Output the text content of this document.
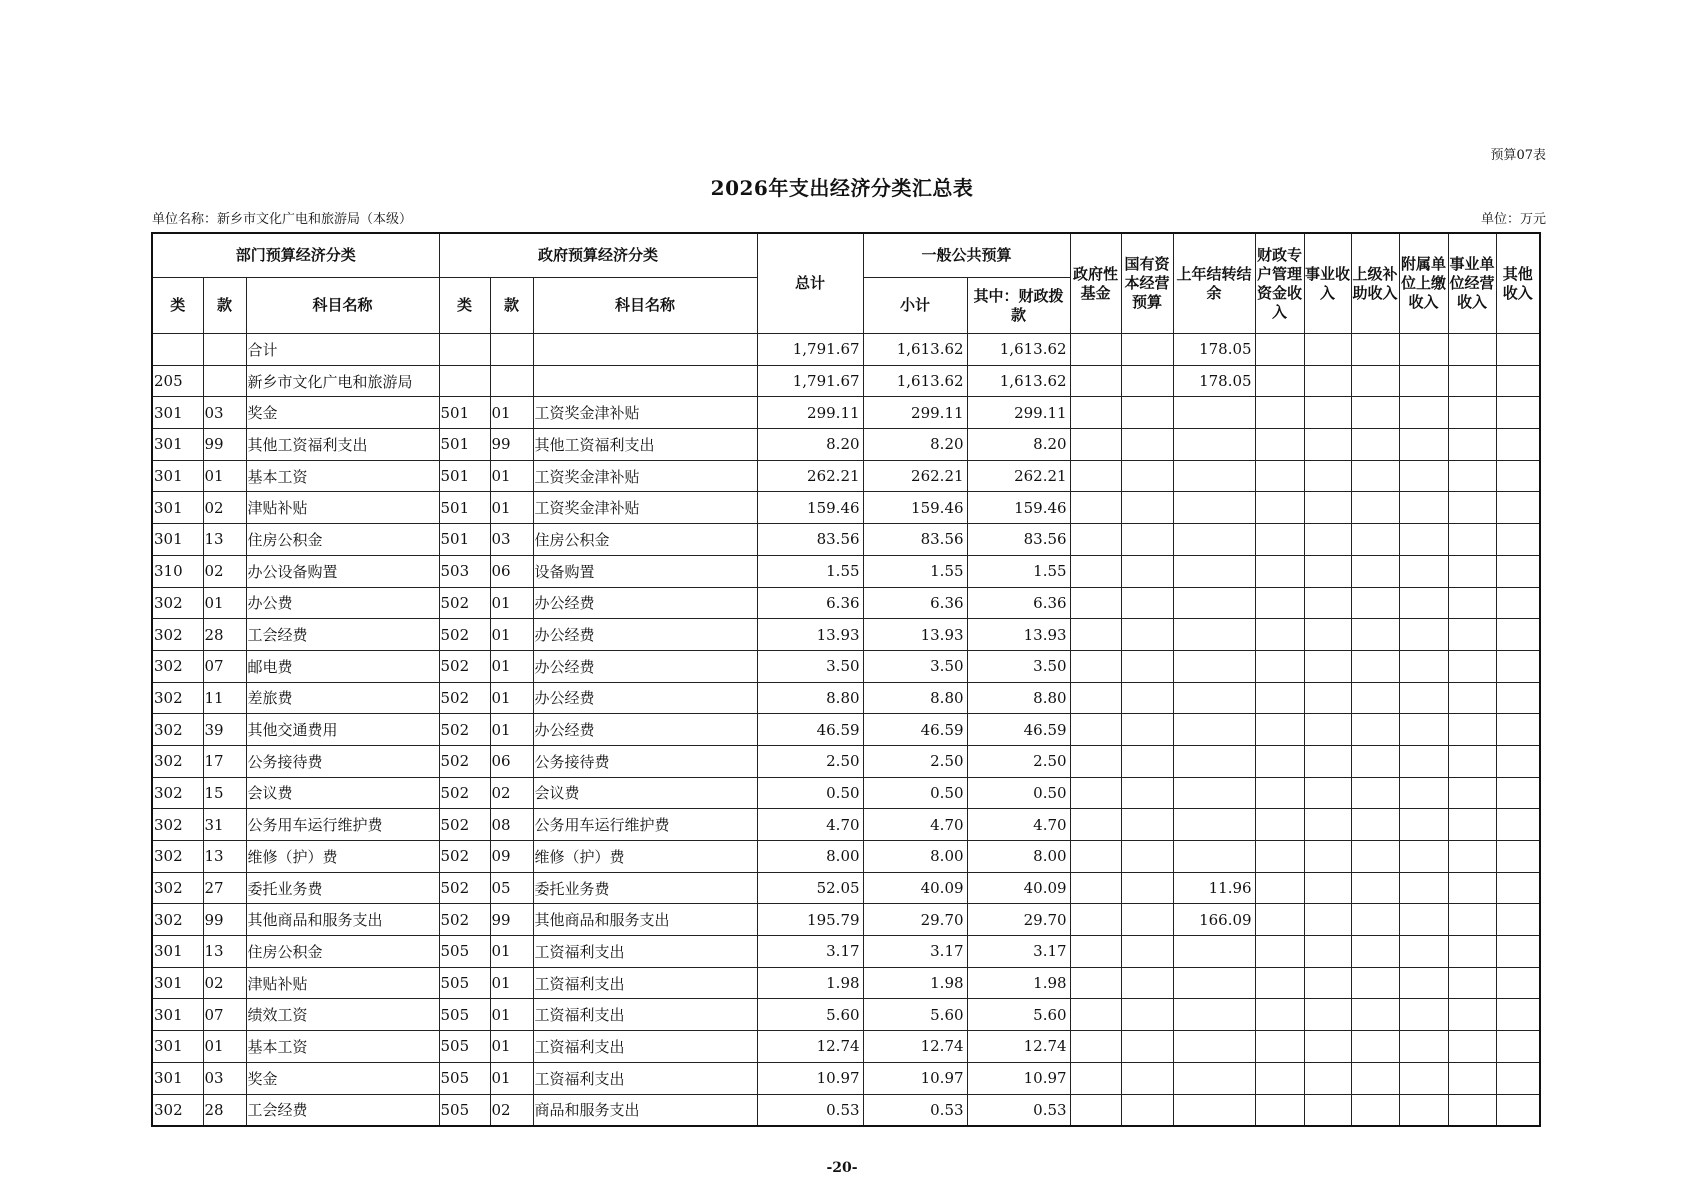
预算07表
2026年支出经济分类汇总表
单位名称：新乡市文化广电和旅游局（本级）	单位：万元
部门预算经济分类			政府预算经济分类			总计	一般公共预算		政府性基金	国有资本经营预算	上年结转结余	财政专户管理资金收入	事业收入	上级补助收入	附属单位上缴收入	事业单位经营收入	其他收入
类	款	科目名称	类	款	科目名称		小计	其中：财政拨款									
		合计				1,791.67	1,613.62	1,613.62			178.05						
205		新乡市文化广电和旅游局				1,791.67	1,613.62	1,613.62			178.05						
301	03	奖金	501	01	工资奖金津补贴	299.11	299.11	299.11									
301	99	其他工资福利支出	501	99	其他工资福利支出	8.20	8.20	8.20									
301	01	基本工资	501	01	工资奖金津补贴	262.21	262.21	262.21									
301	02	津贴补贴	501	01	工资奖金津补贴	159.46	159.46	159.46									
301	13	住房公积金	501	03	住房公积金	83.56	83.56	83.56									
310	02	办公设备购置	503	06	设备购置	1.55	1.55	1.55									
302	01	办公费	502	01	办公经费	6.36	6.36	6.36									
302	28	工会经费	502	01	办公经费	13.93	13.93	13.93									
302	07	邮电费	502	01	办公经费	3.50	3.50	3.50									
302	11	差旅费	502	01	办公经费	8.80	8.80	8.80									
302	39	其他交通费用	502	01	办公经费	46.59	46.59	46.59									
302	17	公务接待费	502	06	公务接待费	2.50	2.50	2.50									
302	15	会议费	502	02	会议费	0.50	0.50	0.50									
302	31	公务用车运行维护费	502	08	公务用车运行维护费	4.70	4.70	4.70									
302	13	维修（护）费	502	09	维修（护）费	8.00	8.00	8.00									
302	27	委托业务费	502	05	委托业务费	52.05	40.09	40.09			11.96						
302	99	其他商品和服务支出	502	99	其他商品和服务支出	195.79	29.70	29.70			166.09						
301	13	住房公积金	505	01	工资福利支出	3.17	3.17	3.17									
301	02	津贴补贴	505	01	工资福利支出	1.98	1.98	1.98									
301	07	绩效工资	505	01	工资福利支出	5.60	5.60	5.60									
301	01	基本工资	505	01	工资福利支出	12.74	12.74	12.74									
301	03	奖金	505	01	工资福利支出	10.97	10.97	10.97									
302	28	工会经费	505	02	商品和服务支出	0.53	0.53	0.53									
-20-
